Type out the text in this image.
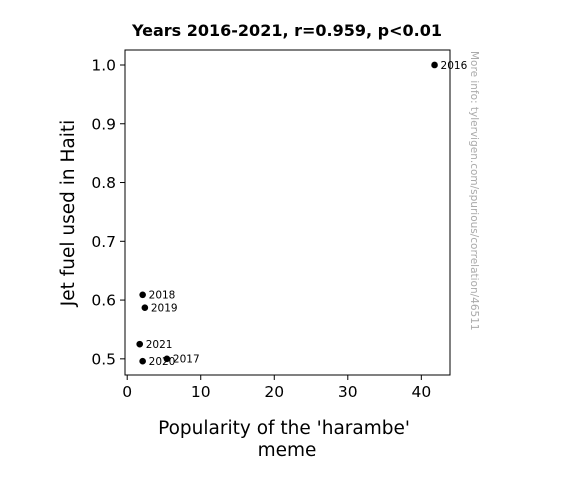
Years 2016-2021, r=0.959, p<0.01
0	10	20	30	40
0.5
0.6
0.7
0.8
0.9
1.0	2016
2017
2018
2019
2020
2021
Popularity of the 'harambe' meme
Jet fuel used in Haiti	More info: tylervigen.com/spurious/correlation/46511
